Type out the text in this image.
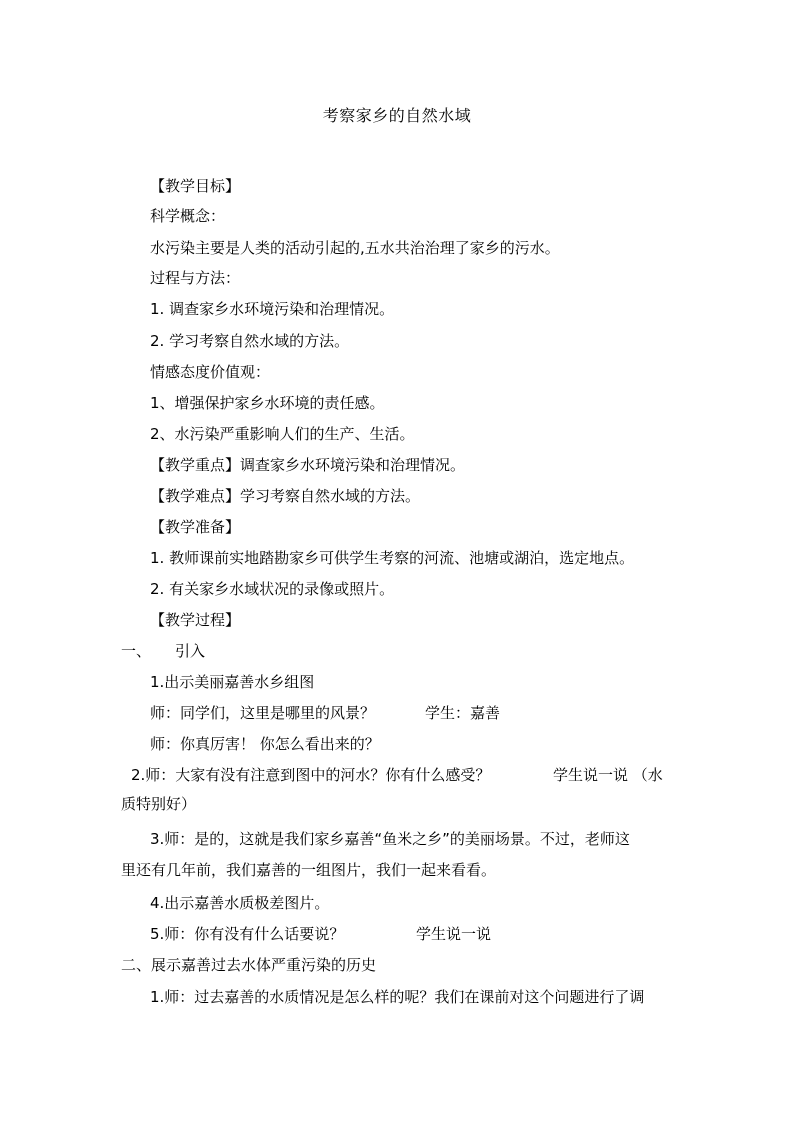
考察家乡的自然水域
【教学目标】
科学概念：
水污染主要是人类的活动引起的,五水共治治理了家乡的污水。
过程与方法：
1. 调查家乡水环境污染和治理情况。
2. 学习考察自然水域的方法。
情感态度价值观：
1、增强保护家乡水环境的责任感。
2、水污染严重影响人们的生产、生活。
【教学重点】调查家乡水环境污染和治理情况。
【教学难点】学习考察自然水域的方法。
【教学准备】
1. 教师课前实地踏勘家乡可供学生考察的河流、池塘或湖泊，选定地点。
2. 有关家乡水域状况的录像或照片。
【教学过程】
一、 引入
1.出示美丽嘉善水乡组图
师：同学们，这里是哪里的风景？	学生：嘉善
师：你真厉害！ 你怎么看出来的？
2.师：大家有没有注意到图中的河水？你有什么感受？	学生说一说 （水
质特别好）
3.师：是的，这就是我们家乡嘉善“鱼米之乡”的美丽场景。不过，老师这
里还有几年前，我们嘉善的一组图片，我们一起来看看。
4.出示嘉善水质极差图片。
5.师：你有没有什么话要说？	学生说一说
二、展示嘉善过去水体严重污染的历史
1.师：过去嘉善的水质情况是怎么样的呢？我们在课前对这个问题进行了调
